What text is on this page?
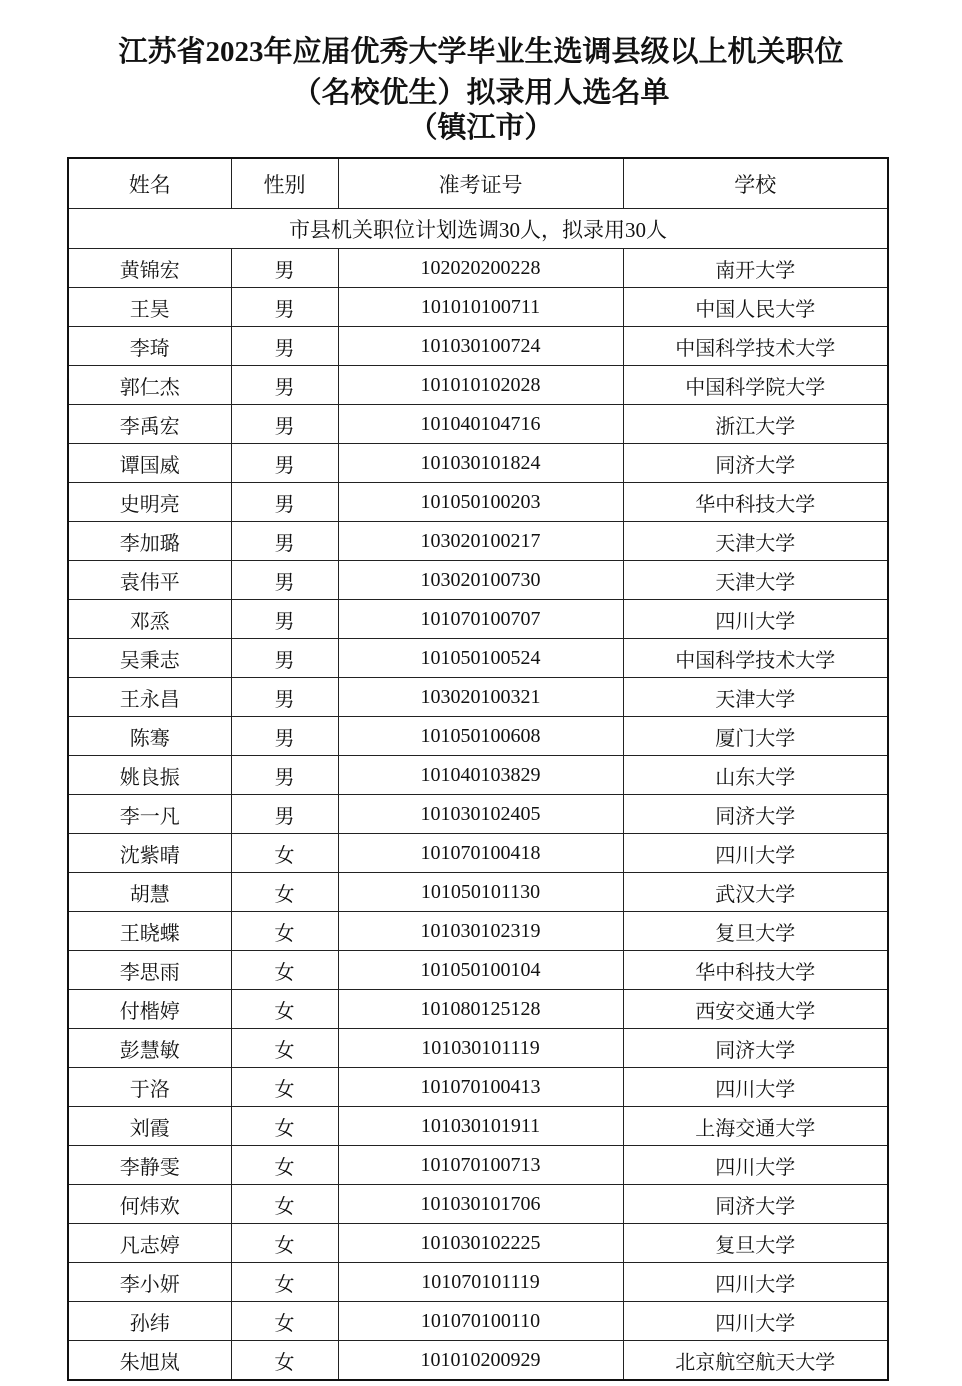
江苏省2023年应届优秀大学毕业生选调县级以上机关职位
（名校优生）拟录用人选名单
（镇江市）
姓名	性别	准考证号	学校
市县机关职位计划选调30人，拟录用30人			
黄锦宏	男	102020200228	南开大学
王昊	男	101010100711	中国人民大学
李琦	男	101030100724	中国科学技术大学
郭仁杰	男	101010102028	中国科学院大学
李禹宏	男	101040104716	浙江大学
谭国威	男	101030101824	同济大学
史明亮	男	101050100203	华中科技大学
李加璐	男	103020100217	天津大学
袁伟平	男	103020100730	天津大学
邓烝	男	101070100707	四川大学
吴秉志	男	101050100524	中国科学技术大学
王永昌	男	103020100321	天津大学
陈骞	男	101050100608	厦门大学
姚良振	男	101040103829	山东大学
李一凡	男	101030102405	同济大学
沈紫晴	女	101070100418	四川大学
胡慧	女	101050101130	武汉大学
王晓蝶	女	101030102319	复旦大学
李思雨	女	101050100104	华中科技大学
付楷婷	女	101080125128	西安交通大学
彭慧敏	女	101030101119	同济大学
于洛	女	101070100413	四川大学
刘霞	女	101030101911	上海交通大学
李静雯	女	101070100713	四川大学
何炜欢	女	101030101706	同济大学
凡志婷	女	101030102225	复旦大学
李小妍	女	101070101119	四川大学
孙纬	女	101070100110	四川大学
朱旭岚	女	101010200929	北京航空航天大学
